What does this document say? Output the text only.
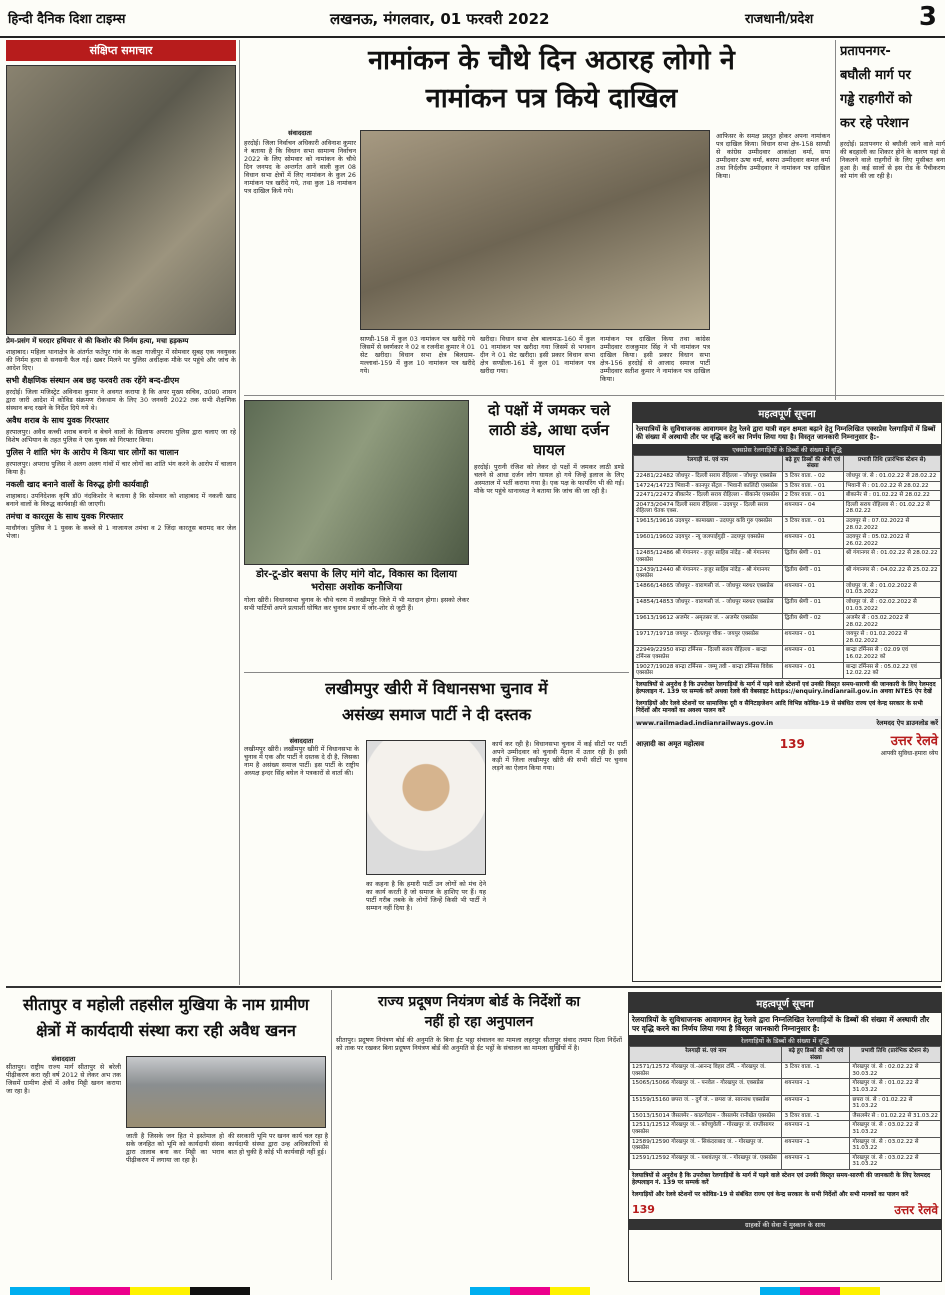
हिन्दी दैनिक दिशा टाइम्स	लखनऊ, मंगलवार, 01 फरवरी 2022	राजधानी/प्रदेश	3
संक्षिप्त समाचार
प्रेम-प्रसंग में घरदार हथियार से की किशोर की निर्मम हत्या, मचा हड़कम्प
शाहाबाद। महिला थानाक्षेत्र के अंतर्गत फतेपुर गांव के कक्षा गाजीपुर में सोमवार सुबह एक नवयुवक की निर्मम हत्या से सनसनी फैल गई। खबर मिलने पर पुलिस अधीक्षक मौके पर पहुंचे और जांच के आदेश दिए।
सभी शैक्षणिक संस्थान अब छह फरवरी तक रहेंगे बन्द-डीएम
हरदोई। जिला मजिस्ट्रेट अविनाश कुमार ने अवगत कराया है कि अपर मुख्य सचिव, उ0प्र0 शासन द्वारा जारी आदेश में कोविड संक्रमण रोकथाम के लिए 30 जनवरी 2022 तक सभी शैक्षणिक संस्थान बन्द रखने के निर्देश दिये गये थे।
अवैध शराब के साथ युवक गिरफ्तार
हरपालपुर। अवैध कच्ची शराब बनाने व बेचने वालों के खिलाफ अपराध पुलिस द्वारा चलाए जा रहे विशेष अभियान के तहत पुलिस ने एक युवक को गिरफ्तार किया।
पुलिस ने शांति भंग के आरोप मे किया चार लोगों का चालान
हरपालपुर। अपराध पुलिस ने अलग अलग गांवों में चार लोगों का शांति भंग करने के आरोप में चालान किया है।
नकली खाद बनाने वालों के विरुद्ध होगी कार्यवाही
शाहाबाद। उपनिदेशक कृषि डॉ0 नंदकिशोर ने बताया है कि सोमवार को शाहाबाद में नकली खाद बनाने वालों के विरुद्ध कार्यवाही की जाएगी।
तमंचा व कारतूस के साथ युवक गिरफ्तार
माधौगंज। पुलिस ने 1 युवक के कब्जे से 1 नाजायज तमंचा व 2 जिंदा कारतूस बरामद कर जेल भेजा।
नामांकन के चौथे दिन अठारह लोगो ने
नामांकन पत्र किये दाखिल
संवाददाता
हरदोई। जिला निर्वाचन अधिकारी अविनाश कुमार ने बताया है कि विधान सभा सामान्य निर्वाचन 2022 के लिए सोमवार को नामांकन के चौथे दिन जनपद के अन्तर्गत आने वाली कुल 08 विधान सभा क्षेत्रों में लिए नामांकन के कुल 26 नामांकन पत्र खरीदे गये, तथा कुल 18 नामांकन पत्र दाखिल किये गये।
साण्डी-158 में कुल 03 नामांकन पत्र खरीदे गये जिसमें से स्वर्णकार ने 02 व रजनीश कुमार ने 01 सेट खरीदा। विधान सभा क्षेत्र बिलग्राम-मल्लावां-159 में कुल 10 नामांकन पत्र खरीदे गये।
खरीदा। विधान सभा क्षेत्र बालामऊ-160 में कुल 01 नामांकन पत्र खरीदा गया जिसमें से भगवान दीन ने 01 सेट खरीदा। इसी प्रकार विधान सभा क्षेत्र सण्डीला-161 में कुल 01 नामांकन पत्र खरीदा गया।
आफिसर के समक्ष प्रस्तुत होकर अपना नामांकन पत्र दाखिल किया। विधान सभा क्षेत्र-158 साण्डी से कांग्रेस उम्मीदवार आकांक्षा वर्मा, सपा उम्मीदवार ऊषा वर्मा, बसपा उम्मीदवार कमल वर्मा तथा निर्दलीय उम्मीदवार ने नामांकन पत्र दाखिल किया।
नामांकन पत्र दाखिल किया तथा कांग्रेस उम्मीदवार राजकुमार सिंह ने भी नामांकन पत्र दाखिल किया। इसी प्रकार विधान सभा क्षेत्र-156 हरदोई से आजाद समाज पार्टी उम्मीदवार सतीश कुमार ने नामांकन पत्र दाखिल किया।
प्रतापनगर-
बघौली मार्ग पर
गड्ढे राहगीरों को
कर रहे परेशान
हरदोई। प्रतापनगर से बघौली जाने वाले मार्ग की बदहाली का शिकार होने के कारण यहां से निकलने वाले राहगीरों के लिए मुसीबत बना हुआ है। कई सालों से इस रोड के पैचीकरण को मांग की जा रही है।
दो पक्षों में जमकर चले लाठी डंडे, आधा दर्जन घायल
हरदोई। पुरानी रंजिश को लेकर दो पक्षों में जमकर लाठी डण्डे चलने से आधा दर्जन लोग घायल हो गये जिन्हें इलाज के लिए अस्पताल में भर्ती कराया गया है। एक पक्ष के फायरिंग भी की गई। मौके पर पहुंचे थानाध्यक्ष ने बताया कि जांच की जा रही है।
डोर-टू-डोर बसपा के लिए मांगे वोट, विकास का दिलाया भरोसाः अशोक कनौजिया
गोला खीरी। विधानसभा चुनाव के चौथे चरण में लखीमपुर जिले में भी मतदान होगा। इसको लेकर सभी पार्टियों अपने प्रत्याशी घोषित कर चुनाव प्रचार में जोर-शोर से जुटी हैं।
लखीमपुर खीरी में विधानसभा चुनाव में
असंख्य समाज पार्टी ने दी दस्तक
संवाददाता
लखीमपुर खीरी। लखीमपुर खीरी में विधानसभा के चुनाव में एक और पार्टी ने दस्तक दे दी है, जिसका नाम है असंख्य समाज पार्टी। इस पार्टी के राष्ट्रीय अध्यक्ष इन्दर सिंह बघेल ने पत्रकारों से वार्ता की।
का कहना है कि हमारी पार्टी उन लोगों को मंच देने का कार्य करती है जो समाज के हाशिए पर हैं। यह पार्टी गरीब तबके के लोगों जिन्हें किसी भी पार्टी ने सम्मान नहीं दिया है।
कार्य कर रही है। विधानसभा चुनाव में कई सीटों पर पार्टी अपने उम्मीदवार को चुनावी मैदान में उतार रही है। इसी कड़ी में जिला लखीमपुर खीरी की सभी सीटों पर चुनाव लड़ने का ऐलान किया गया।
महत्वपूर्ण सूचना
रेलयात्रियों के सुविधाजनक आवागमन हेतु रेलवे द्वारा यात्री वहन क्षमता बढ़ाने हेतु निम्नलिखित एक्सप्रेस रेलगाड़ियों में डिब्बों की संख्या में अस्थायी तौर पर वृद्धि करने का निर्णय लिया गया है। विस्तृत जानकारी निम्नानुसार है:-
एक्सप्रेस रेलगाड़ियों के डिब्बों की संख्या में वृद्धि
रेलगाड़ी सं. एवं नाम	बढ़े हुए डिब्बों की श्रेणी एवं संख्या	प्रभावी तिथि (प्रारंभिक स्टेशन से)
22481/22482 जोधपुर - दिल्ली सराय रोहिल्ला - जोधपुर एक्सप्रेस	3 टियर वाता. - 02	जोधपुर जं. से : 01.02.22 से 28.02.22
14724/14723 भिवानी - कानपुर सेंट्रल - भिवानी कालिंदी एक्सप्रेस	3 टियर वाता. - 01	भिवानी से : 01.02.22 से 28.02.22
22471/22472 बीकानेर - दिल्ली सराय रोहिल्ला - बीकानेर एक्सप्रेस	2 टियर वाता. - 01	बीकानेर से : 01.02.22 से 28.02.22
20473/20474 दिल्ली सराय रोहिल्ला - उदयपुर - दिल्ली सराय रोहिल्ला चेतक एक्स.	शयनयान - 04	दिल्ली सराय रोहिल्ला से : 01.02.22 से 28.02.22
19615/19616 उदयपुर - कामाख्या - उदयपुर कवि गुरु एक्सप्रेस	3 टियर वाता. - 01	उदयपुर से : 07.02.2022 से 28.02.2022
19601/19602 उदयपुर - न्यू जलपाईगुड़ी - उदयपुर एक्सप्रेस	शयनयान - 01	उदयपुर से : 05.02.2022 से 26.02.2022
12485/12486 श्री गंगानगर - हजूर साहिब नांदेड़ - श्री गंगानगर एक्सप्रेस	द्वितीय श्रेणी - 01	श्री गंगानगर से : 01.02.22 से 28.02.22
12439/12440 श्री गंगानगर - हजूर साहिब नांदेड़ - श्री गंगानगर एक्सप्रेस	द्वितीय श्रेणी - 01	श्री गंगानगर से : 04.02.22 से 25.02.22
14866/14865 जोधपुर - वाराणसी जं. - जोधपुर मरुधर एक्सप्रेस	शयनयान - 01	जोधपुर जं. से : 01.02.2022 से 01.03.2022
14854/14853 जोधपुर - वाराणसी जं. - जोधपुर मरुधर एक्सप्रेस	द्वितीय श्रेणी - 01	जोधपुर जं. से : 02.02.2022 से 01.03.2022
19613/19612 अजमेर - अमृतसर जं. - अजमेर एक्सप्रेस	द्वितीय श्रेणी - 02	अजमेर से : 03.02.2022 से 28.02.2022
19717/19718 जयपुर - दौलतपुर चौक - जयपुर एक्सप्रेस	शयनयान - 01	जयपुर से : 01.02.2022 से 28.02.2022
22949/22950 बान्द्रा टर्मिनस - दिल्ली सराय रोहिल्ला - बान्द्रा टर्मिनस एक्सप्रेस	शयनयान - 01	बान्द्रा टर्मिनस से : 02.09 एवं 16.02.2022 को
19027/19028 बान्द्रा टर्मिनस - जम्मू तवी - बान्द्रा टर्मिनस विवेक एक्सप्रेस	शयनयान - 01	बान्द्रा टर्मिनस से : 05.02.22 एवं 12.02.22 को
रेलयात्रियों से अनुरोध है कि उपरोक्त रेलगाड़ियों के मार्ग में पड़ने वाले स्टेशनों एवं उनकी विस्तृत समय-सारणी की जानकारी के लिए रेलमदद हेल्पलाइन नं. 139 पर सम्पर्क करें अथवा रेलवे की वेबसाइट https://enquiry.indianrail.gov.in अथवा NTES ऐप देखें
रेलगाड़ियों और रेलवे स्टेशनों पर सामाजिक दूरी व सैनिटाइजेशन आदि विभिन्न कोविड-19 से संबंधित राज्य एवं केन्द्र सरकार के सभी निर्देशों और मानकों का अवश्य पालन करें
www.railmadad.indianrailways.gov.in	रेलमदद ऐप डाउनलोड करें
आज़ादी का अमृत महोत्सव	139	उत्तर रेलवे
आपकी सुविधा-हमारा ध्येय
सीतापुर व महोली तहसील मुखिया के नाम ग्रामीण
क्षेत्रों में कार्यदायी संस्था करा रही अवैध खनन
संवाददाता
सीतापुर। राष्ट्रीय राज्य मार्ग सीतापुर से बरेली पीढ़ीकरण करा रही वर्ष 2012 से लेकर अभ तक जिसमें ग्रामीण क्षेत्रों में अवैध मिट्टी खनन कराया जा रहा है।
जाती है जिसके जन हित मे इस्तेमाल हो सके जनहित को भूमि को कार्यदायी संस्था द्वारा तालाब बना कर मिट्टी का भराव पीढ़ीकरण में लगाया जा रहा है।
की सरकारी भूमि पर खनन कार्य चल रहा है कार्यदायी संस्था द्वारा उन्ह अधिकारियों से बात हो चुकी है कोई भी कार्यवाही नहीं हुई।
राज्य प्रदूषण नियंत्रण बोर्ड के निर्देशों का
नहीं हो रहा अनुपालन
सीतापुर। प्रदूषण नियंत्रण बोर्ड की अनुमति के बिना ईंट भट्ठा संचालन का मामला लहरपुर सीतापुर संवाद तमाम दिशा निर्देशों को ताक पर रखकर बिना प्रदूषण नियंत्रण बोर्ड की अनुमति से ईंट भट्ठों के संचालन का मामला सुर्खियों में है।
महत्वपूर्ण सूचना
रेलयात्रियों के सुविधाजनक आवागमन हेतु रेलवे द्वारा निम्नलिखित रेलगाड़ियों के डिब्बों की संख्या में अस्थायी तौर पर वृद्धि करने का निर्णय लिया गया है विस्तृत जानकारी निम्नानुसार है:
रेलगाड़ियों के डिब्बों की संख्या में वृद्धि
रेलगाड़ी सं. एवं नाम	बढ़े हुए डिब्बों की श्रेणी एवं संख्या	प्रभावी तिथि (प्रारंभिक स्टेशन से)
12571/12572 गोरखपुर जं.-आनन्द विहार टर्मि. - गोरखपुर जं. एक्सप्रेस	3 टियर वाता. -1	गोरखपुर जं. से : 02.02.22 से 30.03.22
15065/15066 गोरखपुर जं. - पनवेल - गोरखपुर जं. एक्सप्रेस	शयनयान -1	गोरखपुर जं. से : 01.02.22 से 31.03.22
15159/15160 छपरा जं. - दुर्ग जं. - छपरा जं. सारनाथ एक्सप्रेस	शयनयान -1	छपरा जं. से : 01.02.22 से 31.03.22
15013/15014 जैसलमेर - काठगोदाम - जैसलमेर रानीखेत एक्सप्रेस	3 टियर वाता. -1	जैसलमेर से : 01.02.22 से 31.03.22
12511/12512 गोरखपुर जं. - कोच्चुवेली - गोरखपुर जं. राप्तीसागर एक्सप्रेस	शयनयान -1	गोरखपुर जं. से : 03.02.22 से 31.03.22
12589/12590 गोरखपुर जं. - सिकंदराबाद जं. - गोरखपुर जं. एक्सप्रेस	शयनयान -1	गोरखपुर जं. से : 03.02.22 से 31.03.22
12591/12592 गोरखपुर जं. - यशवंतपुर जं. - गोरखपुर जं. एक्सप्रेस	शयनयान -1	गोरखपुर जं. से : 03.02.22 से 31.03.22
रेलयात्रियों से अनुरोध है कि उपरोक्त रेलगाड़ियों के मार्ग में पड़ने वाले स्टेशन एवं उनकी विस्तृत समय-सारणी की जानकारी के लिए रेलमदद हेल्पलाइन नं. 139 पर सम्पर्क करें
रेलगाड़ियों और रेलवे स्टेशनों पर कोविड-19 से संबंधित राज्य एवं केन्द्र सरकार के सभी निर्देशों और सभी मानकों का पालन करें
139	उत्तर रेलवे
ग्राहकों की सेवा में मुस्कान के साथ
